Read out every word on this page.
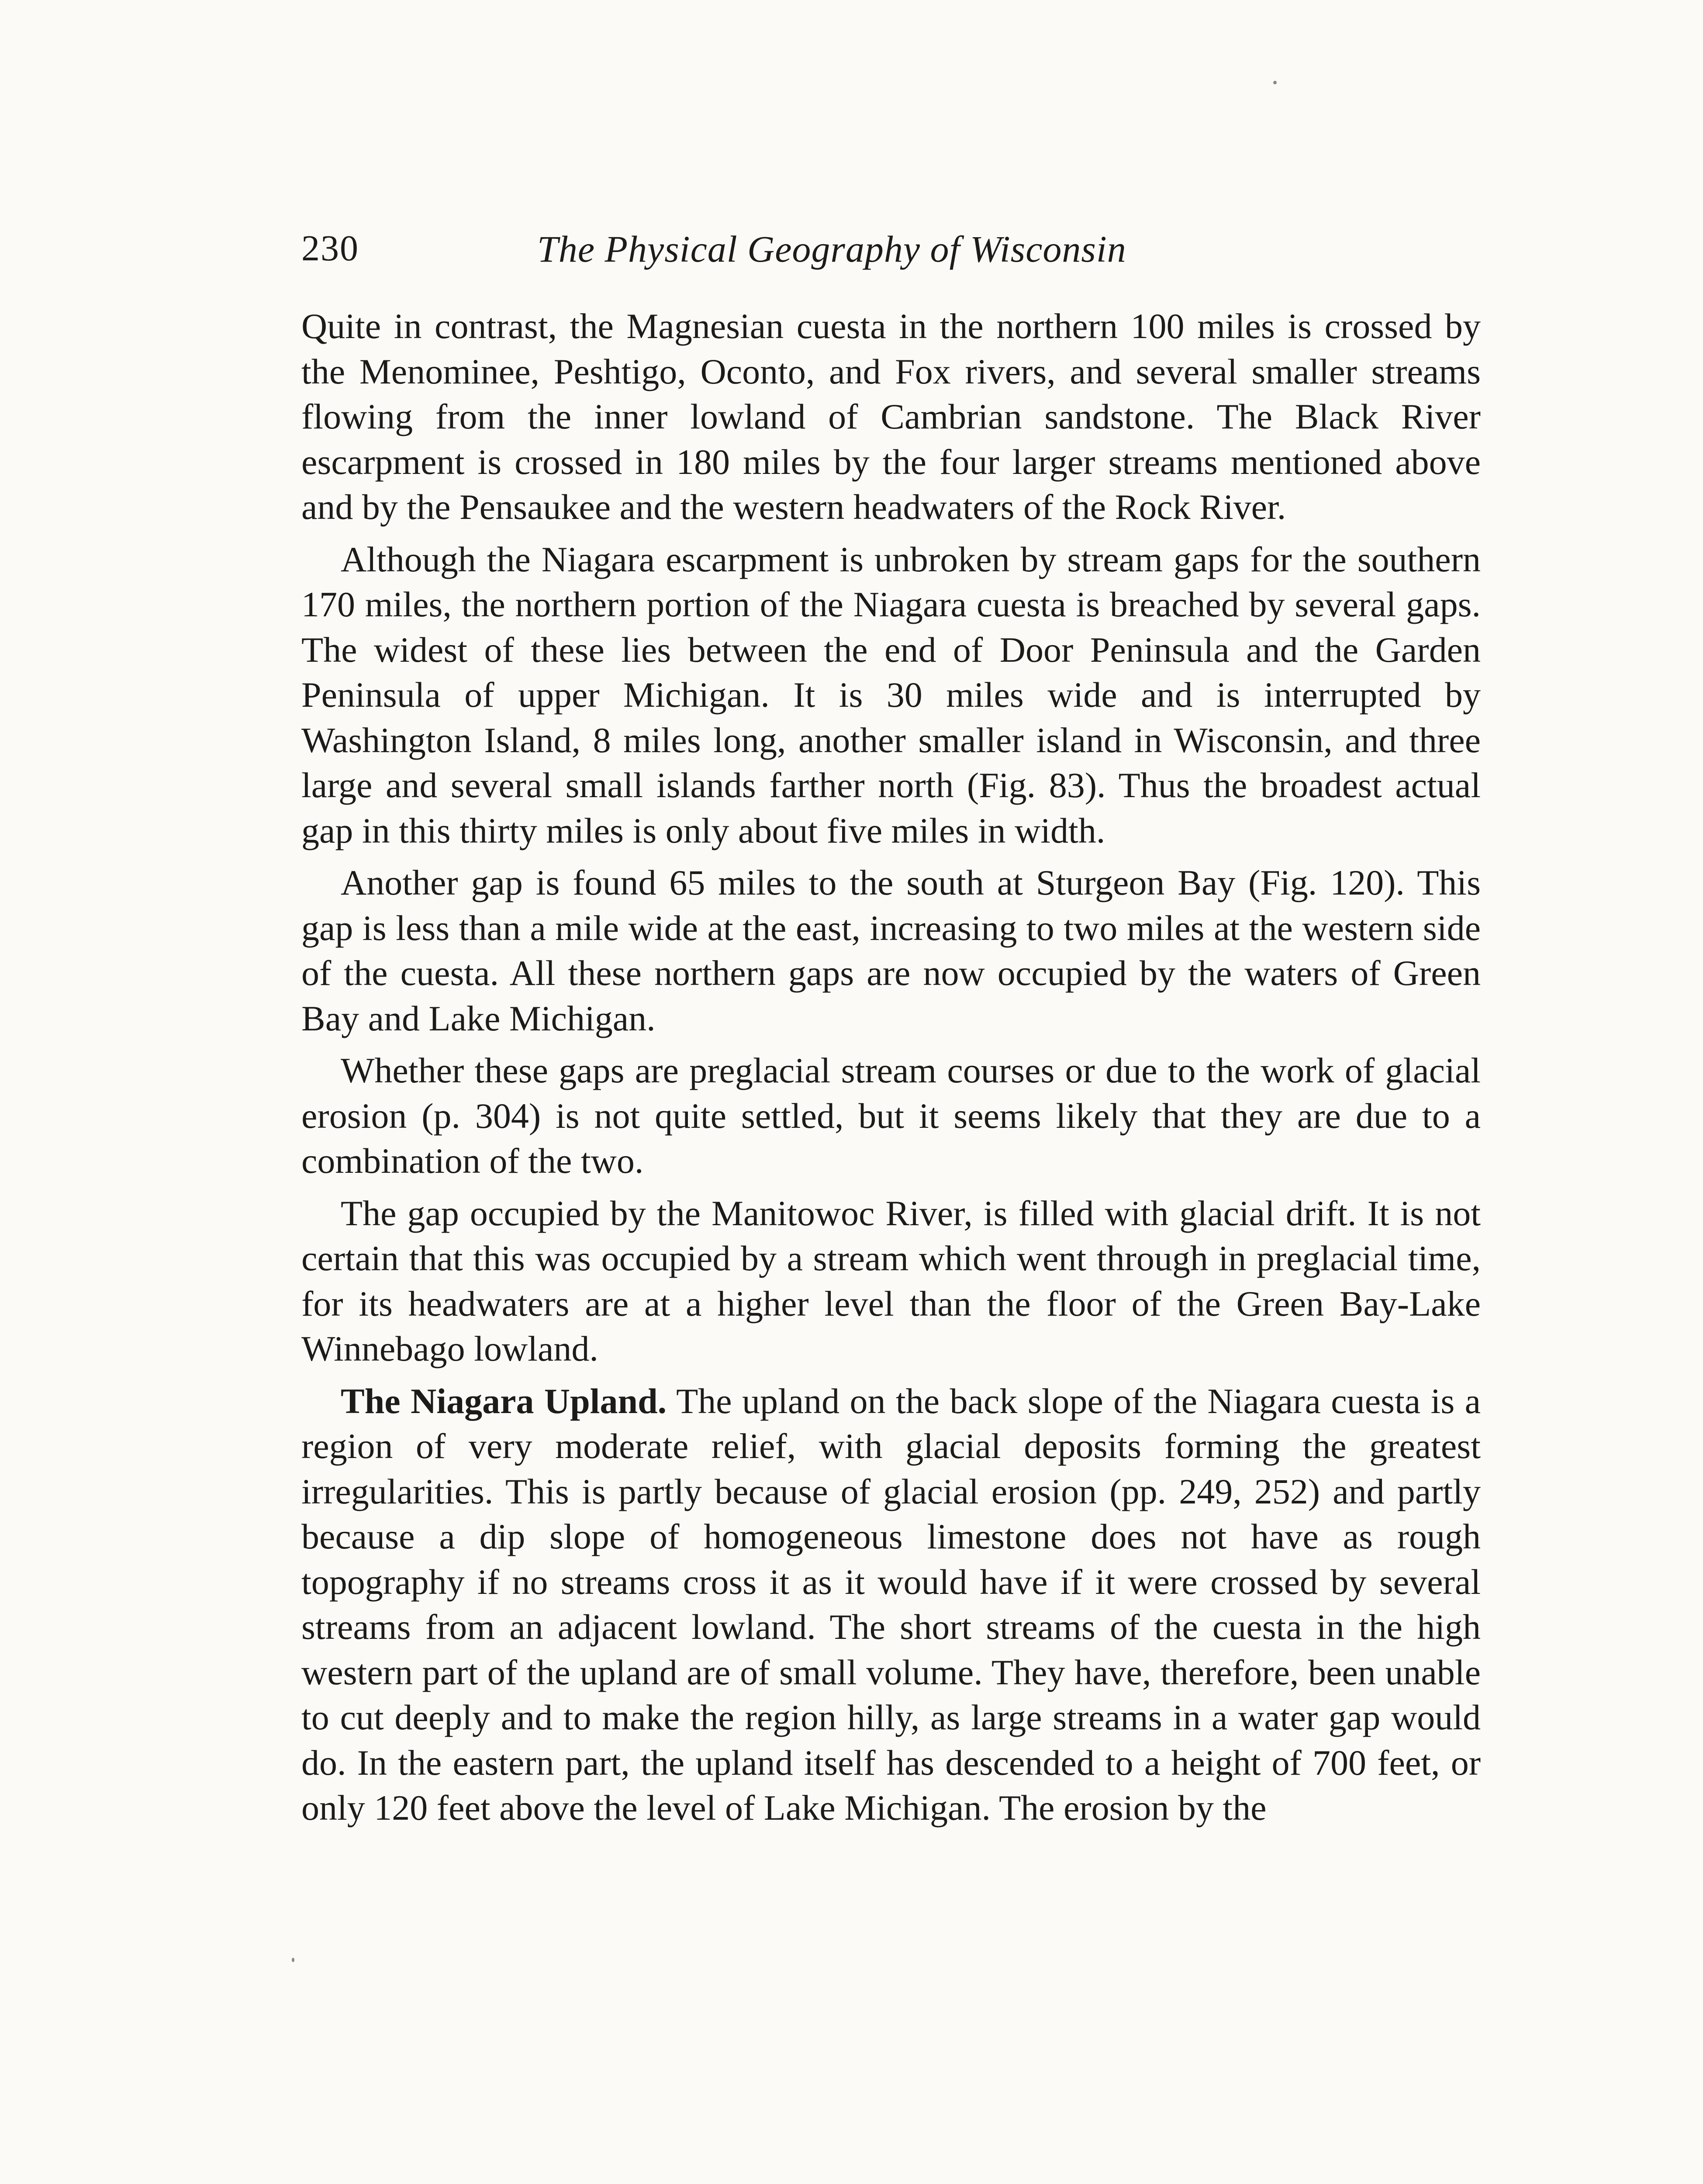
230	The Physical Geography of Wisconsin

Quite in contrast, the Magnesian cuesta in the northern 100 miles is crossed by the Menominee, Peshtigo, Oconto, and Fox rivers, and several smaller streams flowing from the inner lowland of Cambrian sandstone. The Black River escarpment is crossed in 180 miles by the four larger streams mentioned above and by the Pensaukee and the western headwaters of the Rock River.

Although the Niagara escarpment is unbroken by stream gaps for the southern 170 miles, the northern portion of the Niagara cuesta is breached by several gaps. The widest of these lies between the end of Door Peninsula and the Garden Peninsula of upper Michigan. It is 30 miles wide and is interrupted by Washington Island, 8 miles long, another smaller island in Wisconsin, and three large and several small islands farther north (Fig. 83). Thus the broadest actual gap in this thirty miles is only about five miles in width.

Another gap is found 65 miles to the south at Sturgeon Bay (Fig. 120). This gap is less than a mile wide at the east, increasing to two miles at the western side of the cuesta. All these northern gaps are now occupied by the waters of Green Bay and Lake Michigan.

Whether these gaps are preglacial stream courses or due to the work of glacial erosion (p. 304) is not quite settled, but it seems likely that they are due to a combination of the two.

The gap occupied by the Manitowoc River, is filled with glacial drift. It is not certain that this was occupied by a stream which went through in preglacial time, for its headwaters are at a higher level than the floor of the Green Bay-Lake Winnebago lowland.

The Niagara Upland. The upland on the back slope of the Niagara cuesta is a region of very moderate relief, with glacial deposits forming the greatest irregularities. This is partly because of glacial erosion (pp. 249, 252) and partly because a dip slope of homogeneous limestone does not have as rough topography if no streams cross it as it would have if it were crossed by several streams from an adjacent lowland. The short streams of the cuesta in the high western part of the upland are of small volume. They have, therefore, been unable to cut deeply and to make the region hilly, as large streams in a water gap would do. In the eastern part, the upland itself has descended to a height of 700 feet, or only 120 feet above the level of Lake Michigan. The erosion by the
